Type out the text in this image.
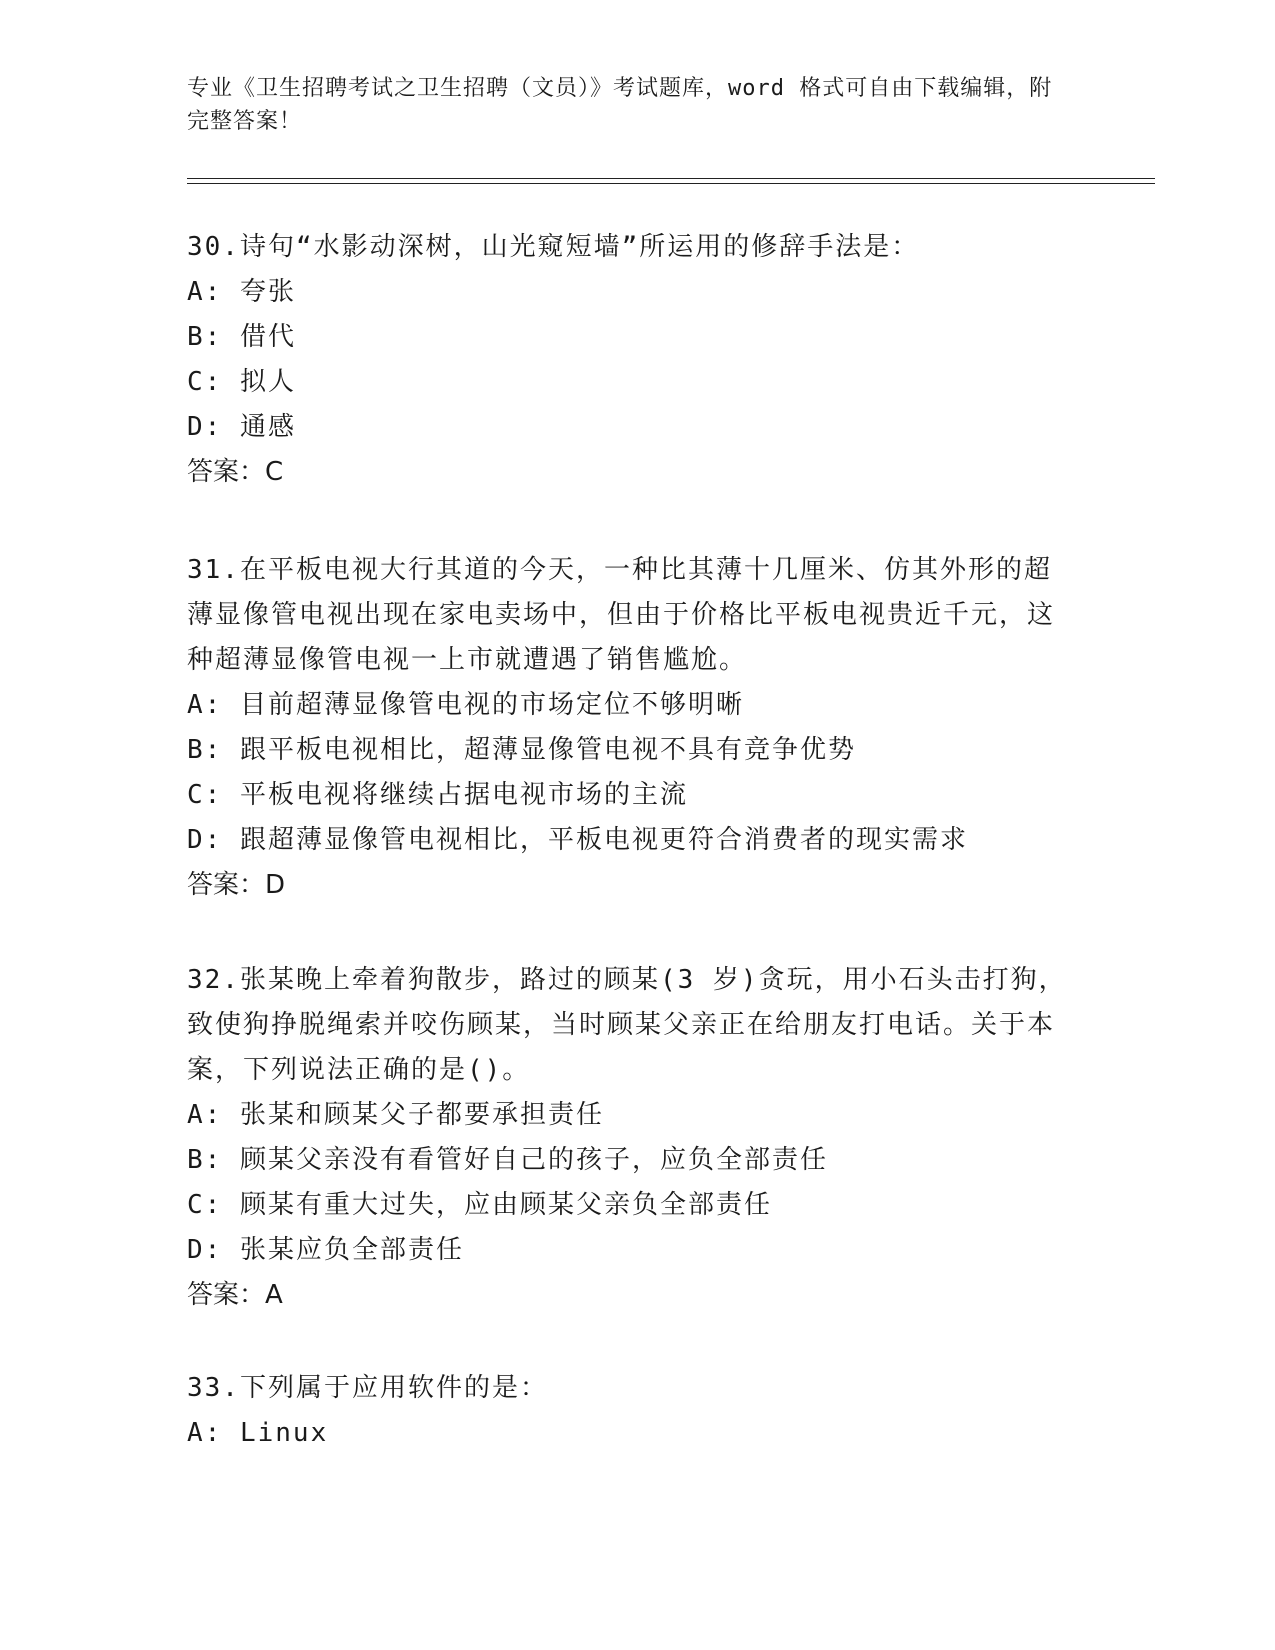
专业《卫生招聘考试之卫生招聘（文员）》考试题库，word 格式可自由下载编辑，附完整答案！

30.诗句“水影动深树，山光窥短墙”所运用的修辞手法是：

A: 夸张

B: 借代

C: 拟人

D: 通感

答案：C

31.在平板电视大行其道的今天，一种比其薄十几厘米、仿其外形的超薄显像管电视出现在家电卖场中，但由于价格比平板电视贵近千元，这种超薄显像管电视一上市就遭遇了销售尴尬。

A: 目前超薄显像管电视的市场定位不够明晰

B: 跟平板电视相比，超薄显像管电视不具有竞争优势

C: 平板电视将继续占据电视市场的主流

D: 跟超薄显像管电视相比，平板电视更符合消费者的现实需求

答案：D

32.张某晚上牵着狗散步，路过的顾某(3 岁)贪玩，用小石头击打狗，致使狗挣脱绳索并咬伤顾某，当时顾某父亲正在给朋友打电话。关于本案，下列说法正确的是()。

A: 张某和顾某父子都要承担责任

B: 顾某父亲没有看管好自己的孩子，应负全部责任

C: 顾某有重大过失，应由顾某父亲负全部责任

D: 张某应负全部责任

答案：A

33.下列属于应用软件的是：

A: Linux
